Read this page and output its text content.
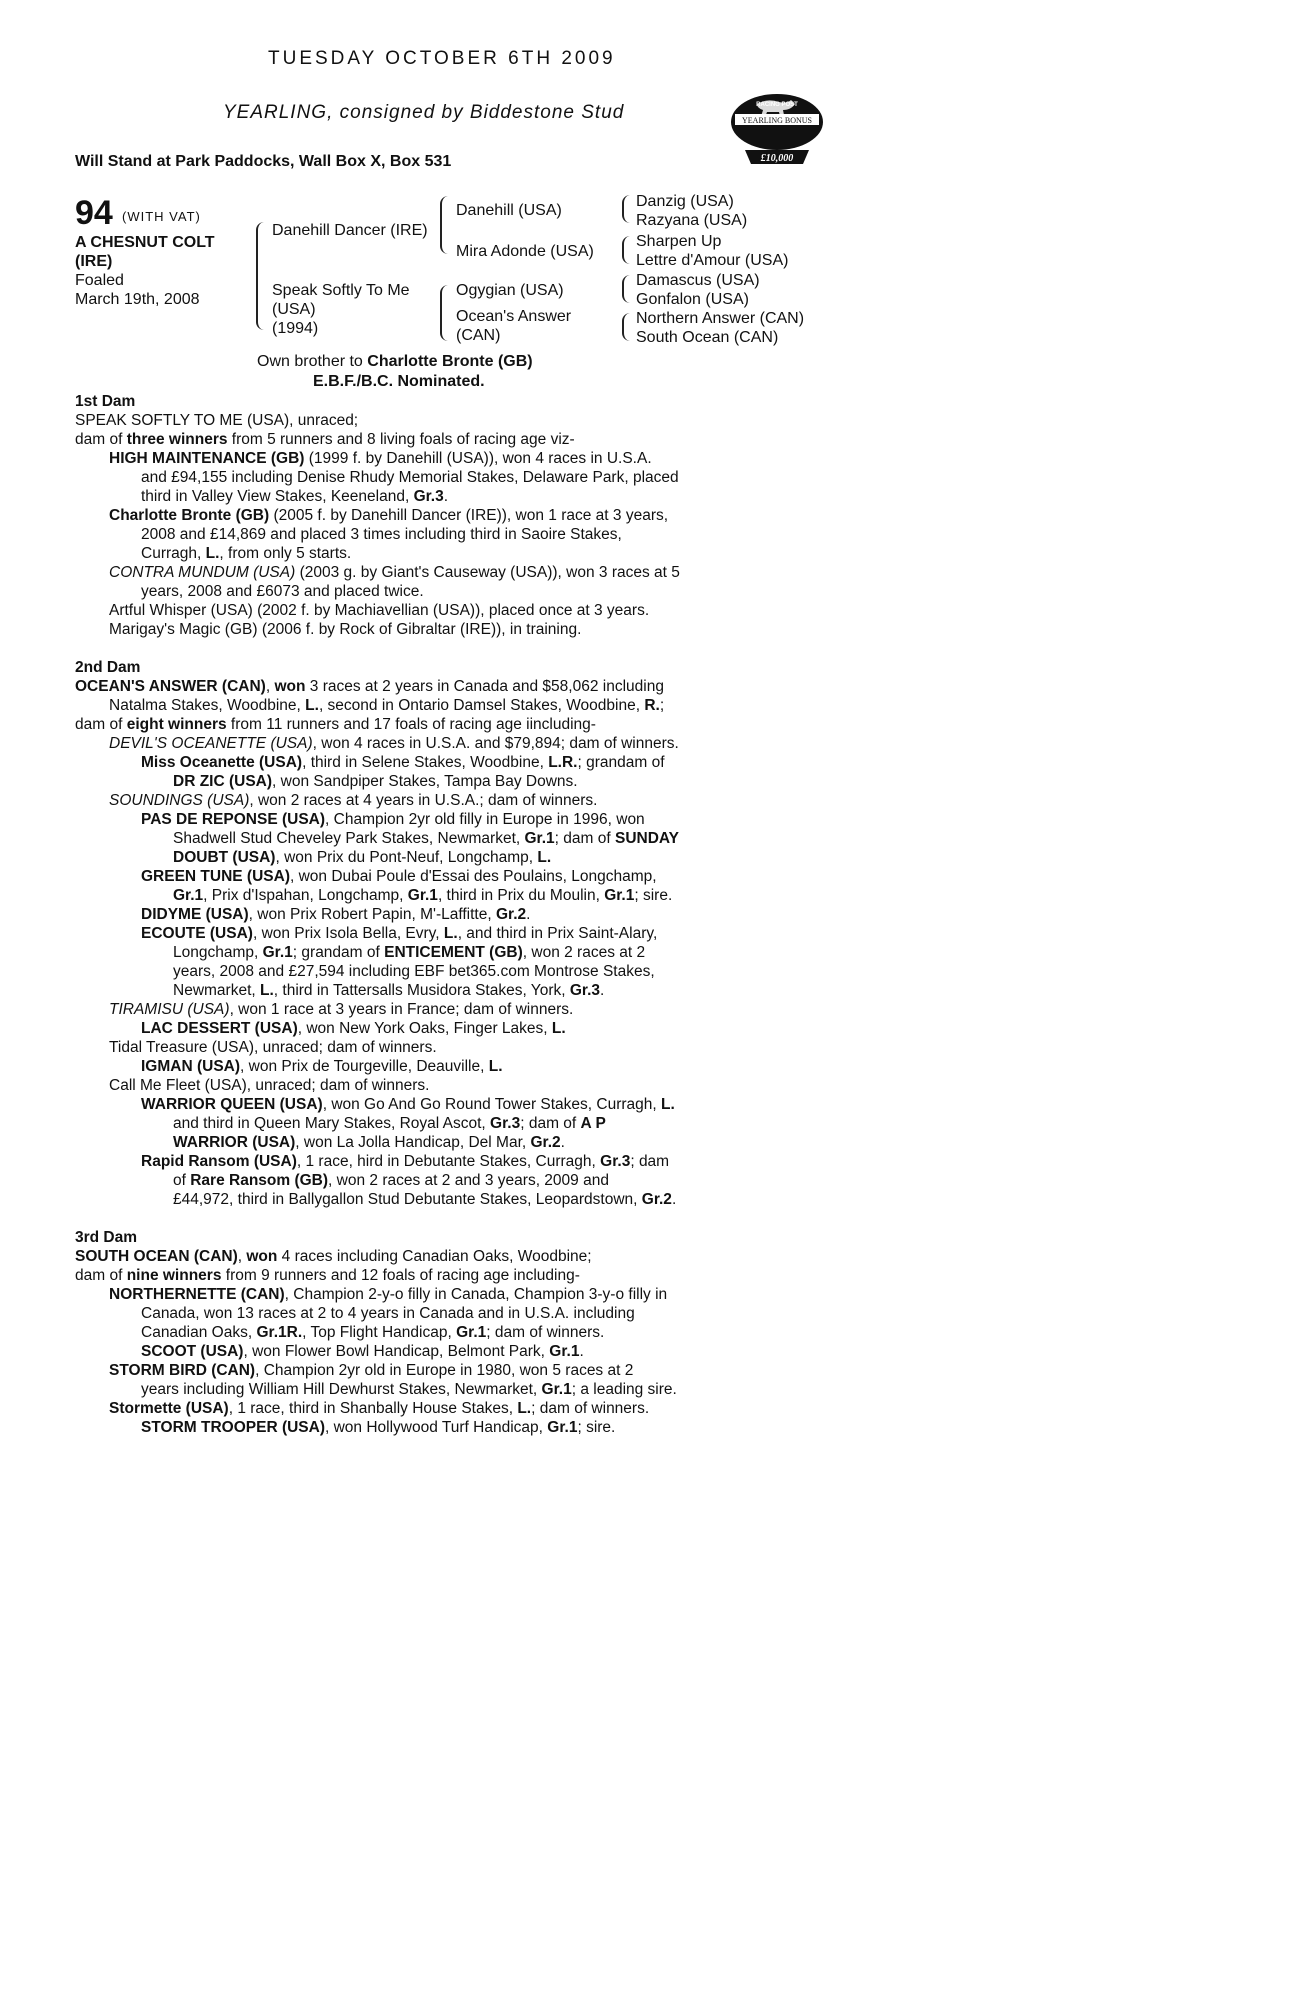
TUESDAY OCTOBER 6TH 2009
YEARLING, consigned by Biddestone Stud
Will Stand at Park Paddocks, Wall Box X, Box 531
RACING POST
YEARLING BONUS
£10,000
94 (WITH VAT)
A CHESNUT COLT
(IRE)
Foaled
March 19th, 2008
Danehill Dancer (IRE)
Speak Softly To Me
(USA)
(1994)
Danehill (USA)
Mira Adonde (USA)
Ogygian (USA)
Ocean's Answer
(CAN)
Danzig (USA)
Razyana (USA)
Sharpen Up
Lettre d'Amour (USA)
Damascus (USA)
Gonfalon (USA)
Northern Answer (CAN)
South Ocean (CAN)
Own brother to Charlotte Bronte (GB)
E.B.F./B.C. Nominated.
1st Dam
SPEAK SOFTLY TO ME (USA), unraced;
dam of three winners from 5 runners and 8 living foals of racing age viz-
HIGH MAINTENANCE (GB) (1999 f. by Danehill (USA)), won 4 races in U.S.A.
and £94,155 including Denise Rhudy Memorial Stakes, Delaware Park, placed
third in Valley View Stakes, Keeneland, Gr.3.
Charlotte Bronte (GB) (2005 f. by Danehill Dancer (IRE)), won 1 race at 3 years,
2008 and £14,869 and placed 3 times including third in Saoire Stakes,
Curragh, L., from only 5 starts.
CONTRA MUNDUM (USA) (2003 g. by Giant's Causeway (USA)), won 3 races at 5
years, 2008 and £6073 and placed twice.
Artful Whisper (USA) (2002 f. by Machiavellian (USA)), placed once at 3 years.
Marigay's Magic (GB) (2006 f. by Rock of Gibraltar (IRE)), in training.
2nd Dam
OCEAN'S ANSWER (CAN), won 3 races at 2 years in Canada and $58,062 including
Natalma Stakes, Woodbine, L., second in Ontario Damsel Stakes, Woodbine, R.;
dam of eight winners from 11 runners and 17 foals of racing age iincluding-
DEVIL'S OCEANETTE (USA), won 4 races in U.S.A. and $79,894; dam of winners.
Miss Oceanette (USA), third in Selene Stakes, Woodbine, L.R.; grandam of
DR ZIC (USA), won Sandpiper Stakes, Tampa Bay Downs.
SOUNDINGS (USA), won 2 races at 4 years in U.S.A.; dam of winners.
PAS DE REPONSE (USA), Champion 2yr old filly in Europe in 1996, won
Shadwell Stud Cheveley Park Stakes, Newmarket, Gr.1; dam of SUNDAY
DOUBT (USA), won Prix du Pont-Neuf, Longchamp, L.
GREEN TUNE (USA), won Dubai Poule d'Essai des Poulains, Longchamp,
Gr.1, Prix d'Ispahan, Longchamp, Gr.1, third in Prix du Moulin, Gr.1; sire.
DIDYME (USA), won Prix Robert Papin, M'-Laffitte, Gr.2.
ECOUTE (USA), won Prix Isola Bella, Evry, L., and third in Prix Saint-Alary,
Longchamp, Gr.1; grandam of ENTICEMENT (GB), won 2 races at 2
years, 2008 and £27,594 including EBF bet365.com Montrose Stakes,
Newmarket, L., third in Tattersalls Musidora Stakes, York, Gr.3.
TIRAMISU (USA), won 1 race at 3 years in France; dam of winners.
LAC DESSERT (USA), won New York Oaks, Finger Lakes, L.
Tidal Treasure (USA), unraced; dam of winners.
IGMAN (USA), won Prix de Tourgeville, Deauville, L.
Call Me Fleet (USA), unraced; dam of winners.
WARRIOR QUEEN (USA), won Go And Go Round Tower Stakes, Curragh, L.
and third in Queen Mary Stakes, Royal Ascot, Gr.3; dam of A P
WARRIOR (USA), won La Jolla Handicap, Del Mar, Gr.2.
Rapid Ransom (USA), 1 race, hird in Debutante Stakes, Curragh, Gr.3; dam
of Rare Ransom (GB), won 2 races at 2 and 3 years, 2009 and
£44,972, third in Ballygallon Stud Debutante Stakes, Leopardstown, Gr.2.
3rd Dam
SOUTH OCEAN (CAN), won 4 races including Canadian Oaks, Woodbine;
dam of nine winners from 9 runners and 12 foals of racing age including-
NORTHERNETTE (CAN), Champion 2-y-o filly in Canada, Champion 3-y-o filly in
Canada, won 13 races at 2 to 4 years in Canada and in U.S.A. including
Canadian Oaks, Gr.1R., Top Flight Handicap, Gr.1; dam of winners.
SCOOT (USA), won Flower Bowl Handicap, Belmont Park, Gr.1.
STORM BIRD (CAN), Champion 2yr old in Europe in 1980, won 5 races at 2
years including William Hill Dewhurst Stakes, Newmarket, Gr.1; a leading sire.
Stormette (USA), 1 race, third in Shanbally House Stakes, L.; dam of winners.
STORM TROOPER (USA), won Hollywood Turf Handicap, Gr.1; sire.
